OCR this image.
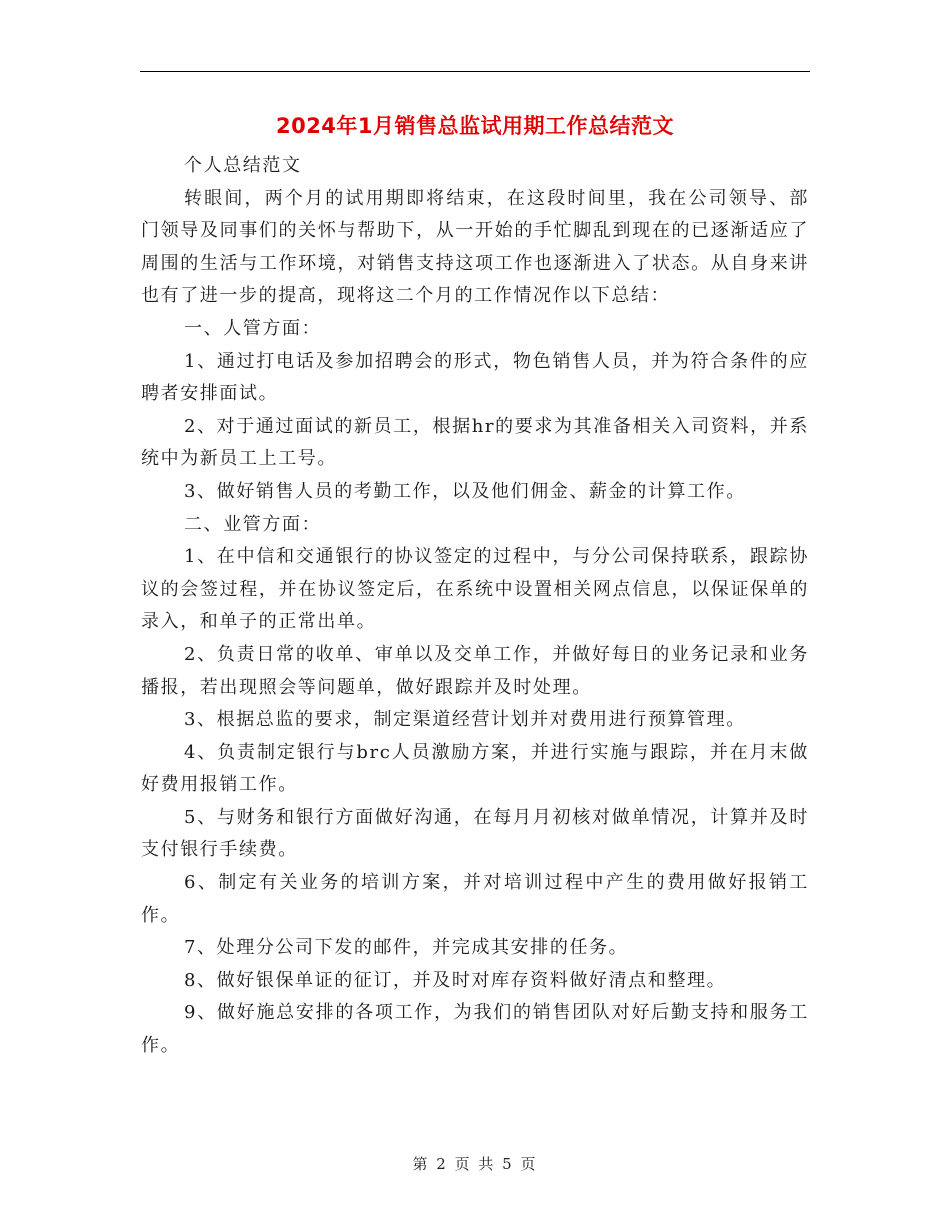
2024年1月销售总监试用期工作总结范文

个人总结范文

转眼间，两个月的试用期即将结束，在这段时间里，我在公司领导、部门领导及同事们的关怀与帮助下，从一开始的手忙脚乱到现在的已逐渐适应了周围的生活与工作环境，对销售支持这项工作也逐渐进入了状态。从自身来讲也有了进一步的提高，现将这二个月的工作情况作以下总结：

一、人管方面：

1、通过打电话及参加招聘会的形式，物色销售人员，并为符合条件的应聘者安排面试。

2、对于通过面试的新员工，根据hr的要求为其准备相关入司资料，并系统中为新员工上工号。

3、做好销售人员的考勤工作，以及他们佣金、薪金的计算工作。

二、业管方面：

1、在中信和交通银行的协议签定的过程中，与分公司保持联系，跟踪协议的会签过程，并在协议签定后，在系统中设置相关网点信息，以保证保单的录入，和单子的正常出单。

2、负责日常的收单、审单以及交单工作，并做好每日的业务记录和业务播报，若出现照会等问题单，做好跟踪并及时处理。

3、根据总监的要求，制定渠道经营计划并对费用进行预算管理。

4、负责制定银行与brc人员激励方案，并进行实施与跟踪，并在月末做好费用报销工作。

5、与财务和银行方面做好沟通，在每月月初核对做单情况，计算并及时支付银行手续费。

6、制定有关业务的培训方案，并对培训过程中产生的费用做好报销工作。

7、处理分公司下发的邮件，并完成其安排的任务。

8、做好银保单证的征订，并及时对库存资料做好清点和整理。

9、做好施总安排的各项工作，为我们的销售团队对好后勤支持和服务工作。

第 2 页 共 5 页
